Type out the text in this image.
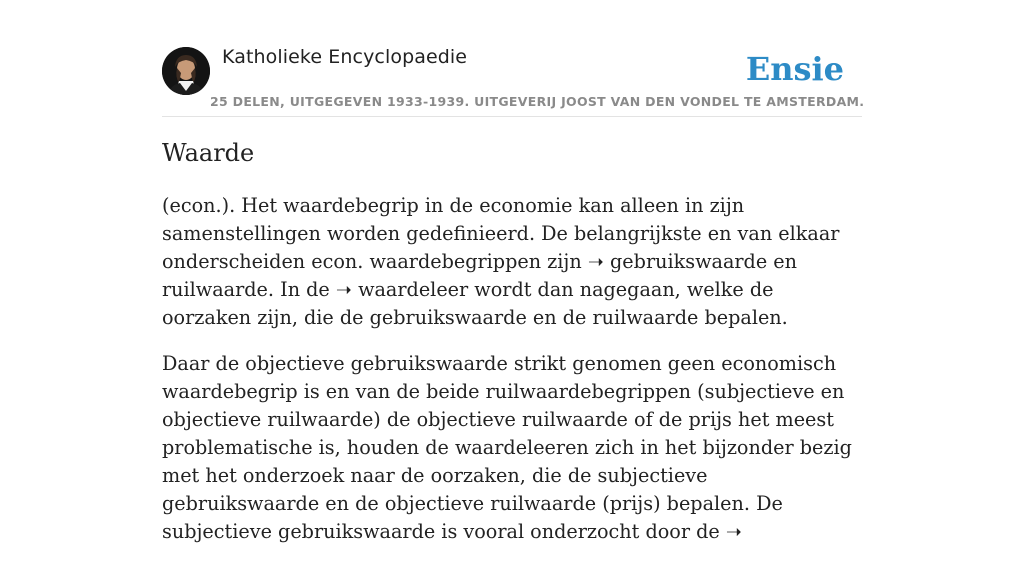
Katholieke Encyclopaedie
25 DELEN, UITGEGEVEN 1933-1939. UITGEVERIJ JOOST VAN DEN VONDEL TE AMSTERDAM.
Ensie
Waarde

(econ.). Het waardebegrip in de economie kan alleen in zijn samenstellingen worden gedefinieerd. De belangrijkste en van elkaar onderscheiden econ. waardebegrippen zijn ➝ gebruikswaarde en ruilwaarde. In de ➝ waardeleer wordt dan nagegaan, welke de oorzaken zijn, die de gebruikswaarde en de ruilwaarde bepalen.

Daar de objectieve gebruikswaarde strikt genomen geen economisch waardebegrip is en van de beide ruilwaardebegrippen (subjectieve en objectieve ruilwaarde) de objectieve ruilwaarde of de prijs het meest problematische is, houden de waardeleeren zich in het bijzonder bezig met het onderzoek naar de oorzaken, die de subjectieve gebruikswaarde en de objectieve ruilwaarde (prijs) bepalen. De subjectieve gebruikswaarde is vooral onderzocht door de ➝
